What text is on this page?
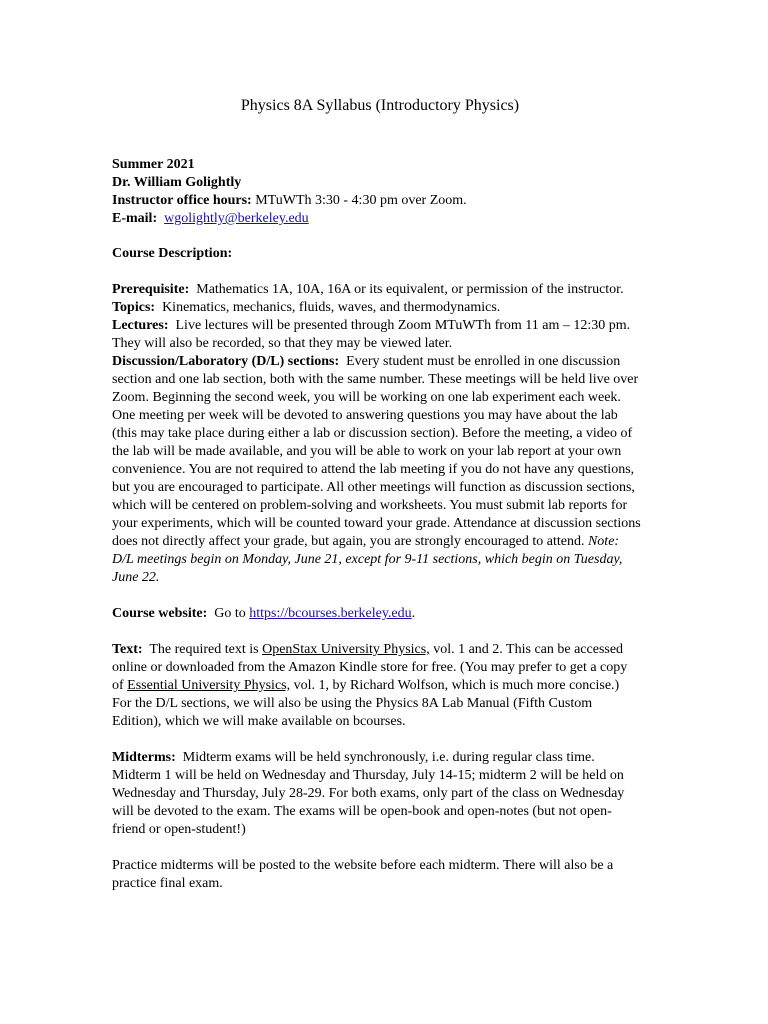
Physics 8A Syllabus (Introductory Physics)

Summer 2021

Dr. William Golightly

Instructor office hours: MTuWTh 3:30 - 4:30 pm over Zoom.

E-mail: wgolightly@berkeley.edu

Course Description:

Prerequisite: Mathematics 1A, 10A, 16A or its equivalent, or permission of the instructor.

Topics: Kinematics, mechanics, fluids, waves, and thermodynamics.

Lectures: Live lectures will be presented through Zoom MTuWTh from 11 am – 12:30 pm. They will also be recorded, so that they may be viewed later.

Discussion/Laboratory (D/L) sections: Every student must be enrolled in one discussion section and one lab section, both with the same number. These meetings will be held live over Zoom. Beginning the second week, you will be working on one lab experiment each week. One meeting per week will be devoted to answering questions you may have about the lab (this may take place during either a lab or discussion section). Before the meeting, a video of the lab will be made available, and you will be able to work on your lab report at your own convenience. You are not required to attend the lab meeting if you do not have any questions, but you are encouraged to participate. All other meetings will function as discussion sections, which will be centered on problem-solving and worksheets. You must submit lab reports for your experiments, which will be counted toward your grade. Attendance at discussion sections does not directly affect your grade, but again, you are strongly encouraged to attend. Note: D/L meetings begin on Monday, June 21, except for 9-11 sections, which begin on Tuesday, June 22.

Course website: Go to https://bcourses.berkeley.edu.

Text: The required text is OpenStax University Physics, vol. 1 and 2. This can be accessed online or downloaded from the Amazon Kindle store for free. (You may prefer to get a copy of Essential University Physics, vol. 1, by Richard Wolfson, which is much more concise.) For the D/L sections, we will also be using the Physics 8A Lab Manual (Fifth Custom Edition), which we will make available on bcourses.

Midterms: Midterm exams will be held synchronously, i.e. during regular class time. Midterm 1 will be held on Wednesday and Thursday, July 14-15; midterm 2 will be held on Wednesday and Thursday, July 28-29. For both exams, only part of the class on Wednesday will be devoted to the exam. The exams will be open-book and open-notes (but not open-friend or open-student!)

Practice midterms will be posted to the website before each midterm. There will also be a practice final exam.
